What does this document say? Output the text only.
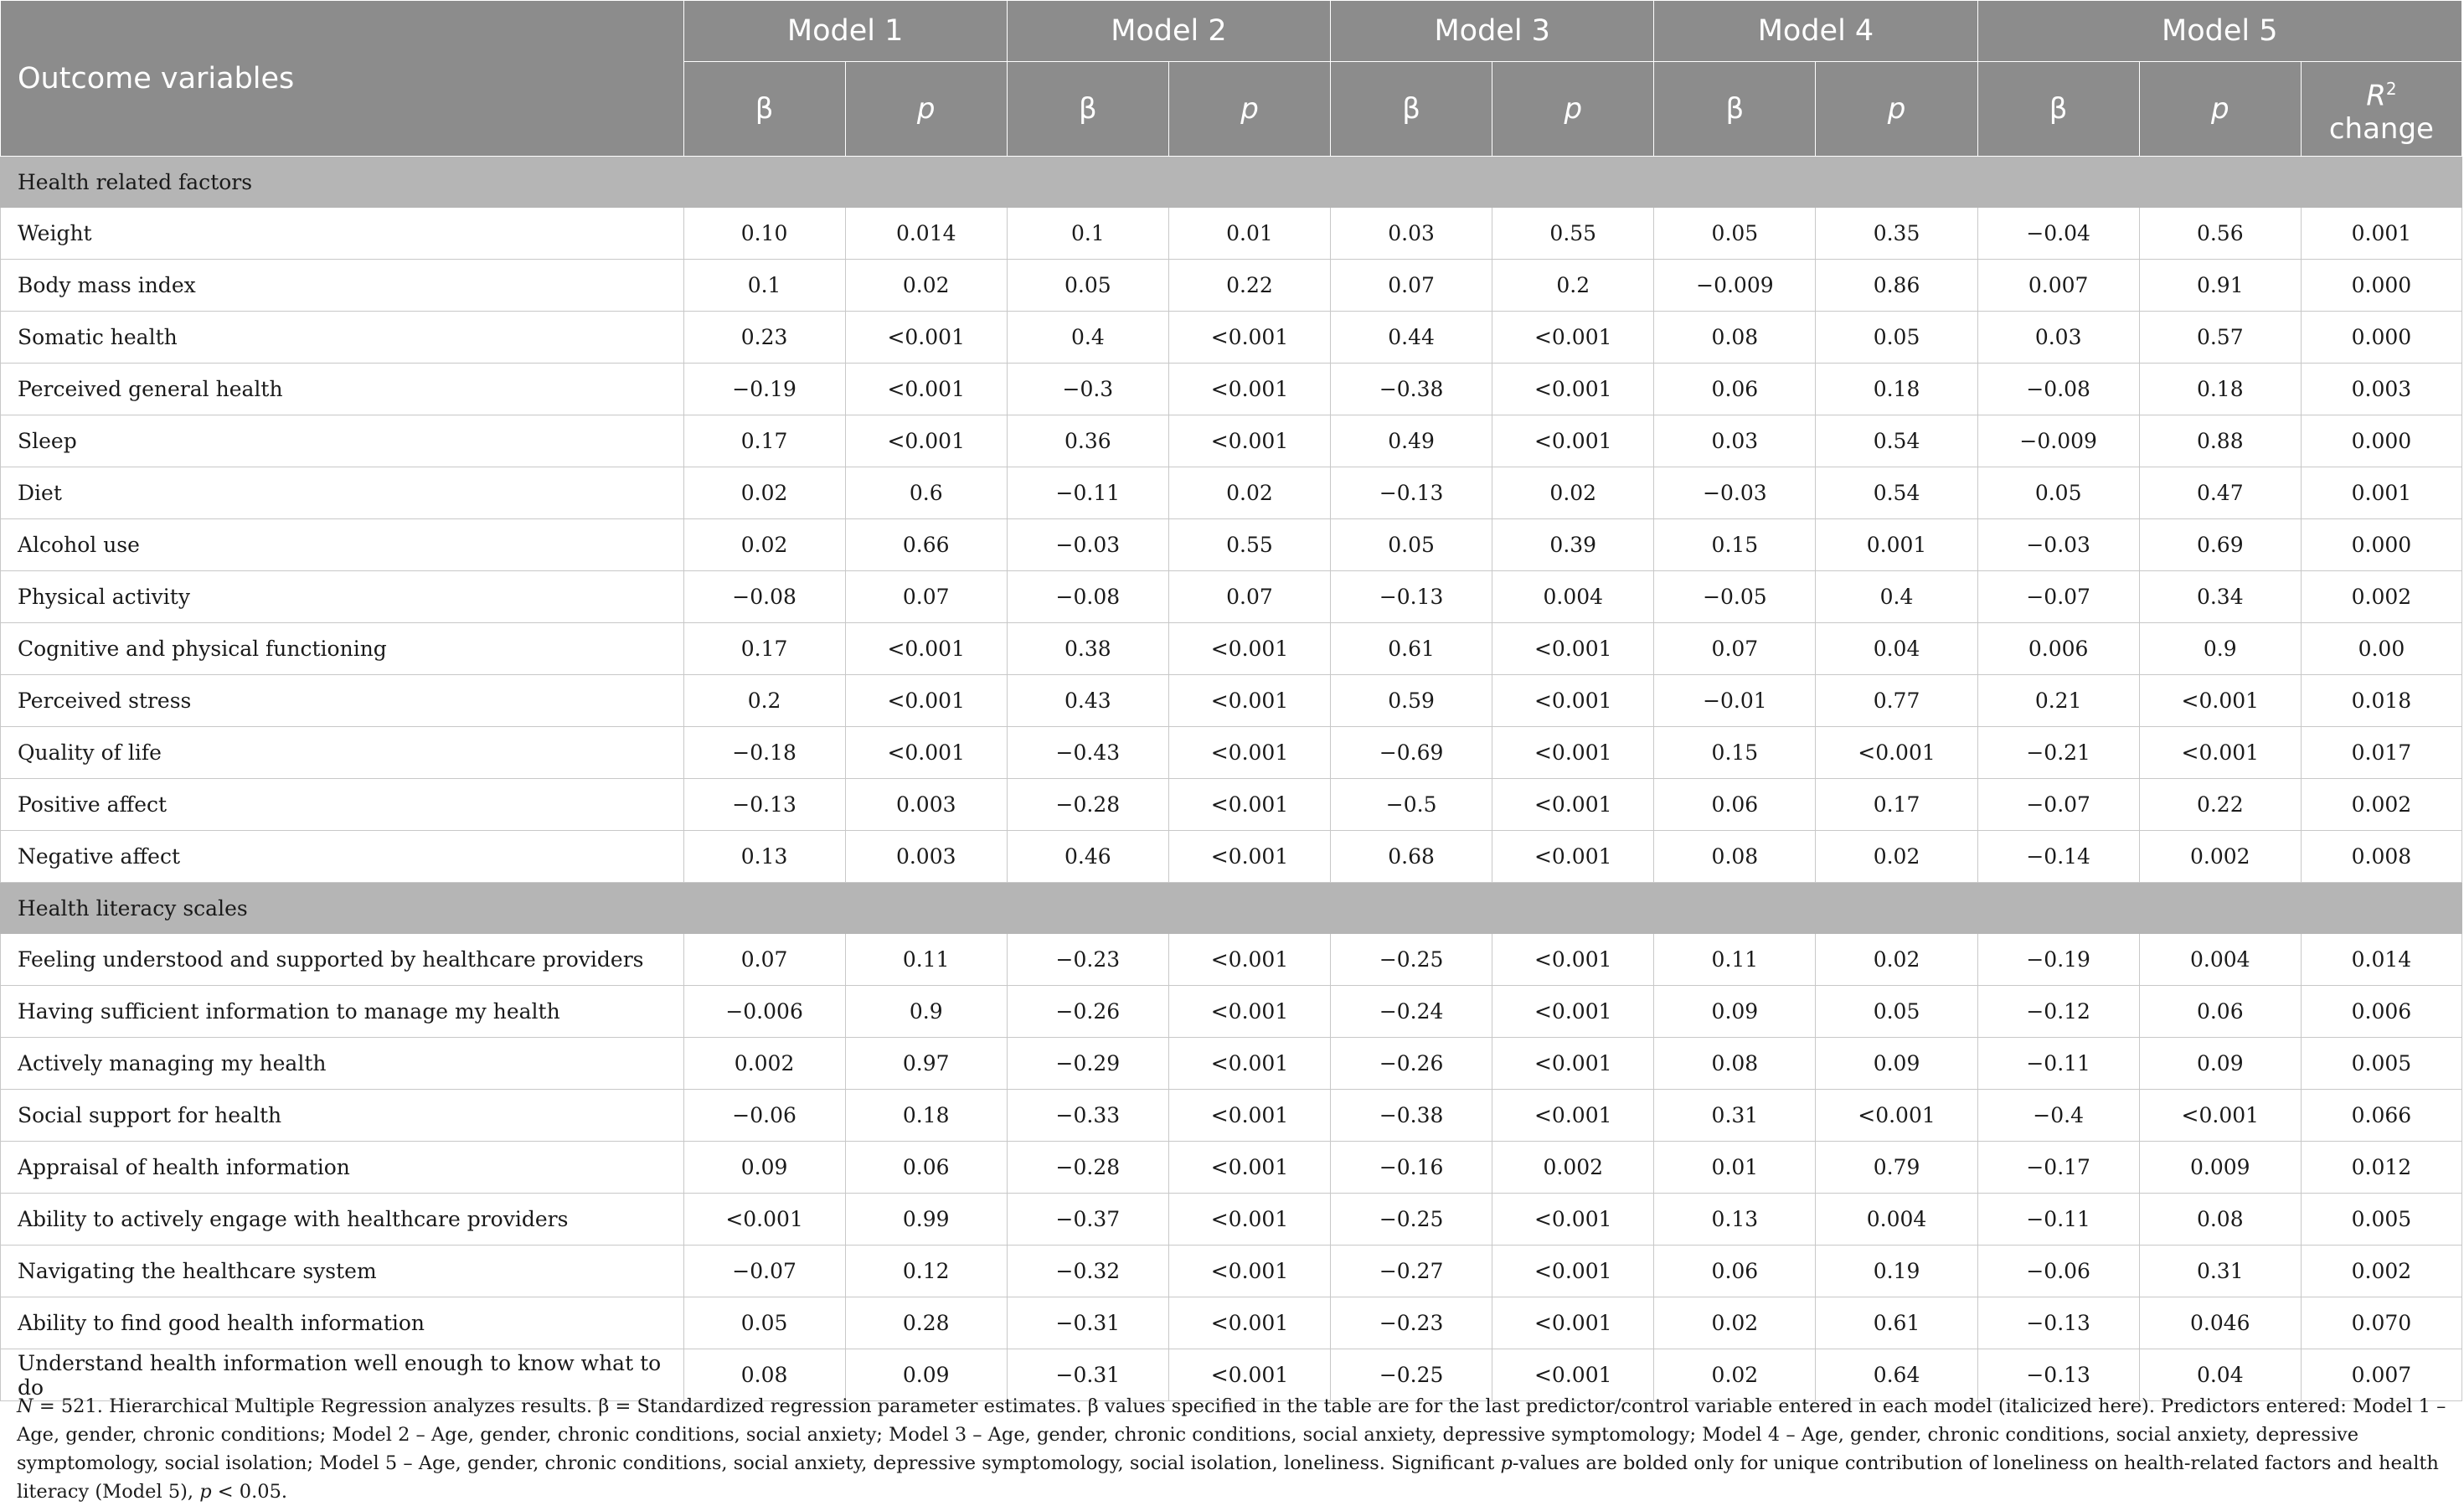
Outcome variables	Model 1		Model 2		Model 3		Model 4		Model 5		
	β	p	β	p	β	p	β	p	β	p	$R^2$
change
Health related factors											
Weight	0.10	0.014	0.1	0.01	0.03	0.55	0.05	0.35	−0.04	0.56	0.001
Body mass index	0.1	0.02	0.05	0.22	0.07	0.2	−0.009	0.86	0.007	0.91	0.000
Somatic health	0.23	<0.001	0.4	<0.001	0.44	<0.001	0.08	0.05	0.03	0.57	0.000
Perceived general health	−0.19	<0.001	−0.3	<0.001	−0.38	<0.001	0.06	0.18	−0.08	0.18	0.003
Sleep	0.17	<0.001	0.36	<0.001	0.49	<0.001	0.03	0.54	−0.009	0.88	0.000
Diet	0.02	0.6	−0.11	0.02	−0.13	0.02	−0.03	0.54	0.05	0.47	0.001
Alcohol use	0.02	0.66	−0.03	0.55	0.05	0.39	0.15	0.001	−0.03	0.69	0.000
Physical activity	−0.08	0.07	−0.08	0.07	−0.13	0.004	−0.05	0.4	−0.07	0.34	0.002
Cognitive and physical functioning	0.17	<0.001	0.38	<0.001	0.61	<0.001	0.07	0.04	0.006	0.9	0.00
Perceived stress	0.2	<0.001	0.43	<0.001	0.59	<0.001	−0.01	0.77	0.21	<0.001	0.018
Quality of life	−0.18	<0.001	−0.43	<0.001	−0.69	<0.001	0.15	<0.001	−0.21	<0.001	0.017
Positive affect	−0.13	0.003	−0.28	<0.001	−0.5	<0.001	0.06	0.17	−0.07	0.22	0.002
Negative affect	0.13	0.003	0.46	<0.001	0.68	<0.001	0.08	0.02	−0.14	0.002	0.008
Health literacy scales											
Feeling understood and supported by healthcare providers	0.07	0.11	−0.23	<0.001	−0.25	<0.001	0.11	0.02	−0.19	0.004	0.014
Having sufficient information to manage my health	−0.006	0.9	−0.26	<0.001	−0.24	<0.001	0.09	0.05	−0.12	0.06	0.006
Actively managing my health	0.002	0.97	−0.29	<0.001	−0.26	<0.001	0.08	0.09	−0.11	0.09	0.005
Social support for health	−0.06	0.18	−0.33	<0.001	−0.38	<0.001	0.31	<0.001	−0.4	<0.001	0.066
Appraisal of health information	0.09	0.06	−0.28	<0.001	−0.16	0.002	0.01	0.79	−0.17	0.009	0.012
Ability to actively engage with healthcare providers	<0.001	0.99	−0.37	<0.001	−0.25	<0.001	0.13	0.004	−0.11	0.08	0.005
Navigating the healthcare system	−0.07	0.12	−0.32	<0.001	−0.27	<0.001	0.06	0.19	−0.06	0.31	0.002
Ability to find good health information	0.05	0.28	−0.31	<0.001	−0.23	<0.001	0.02	0.61	−0.13	0.046	0.070
Understand health information well enough to know what to do	0.08	0.09	−0.31	<0.001	−0.25	<0.001	0.02	0.64	−0.13	0.04	0.007
N = 521. Hierarchical Multiple Regression analyzes results. β = Standardized regression parameter estimates. β values specified in the table are for the last predictor/control variable entered in each model (italicized here). Predictors entered: Model 1 – Age, gender, chronic conditions; Model 2 – Age, gender, chronic conditions, social anxiety; Model 3 – Age, gender, chronic conditions, social anxiety, depressive symptomology; Model 4 – Age, gender, chronic conditions, social anxiety, depressive symptomology, social isolation; Model 5 – Age, gender, chronic conditions, social anxiety, depressive symptomology, social isolation, loneliness. Significant p-values are bolded only for unique contribution of loneliness on health-related factors and health literacy (Model 5), p < 0.05.
